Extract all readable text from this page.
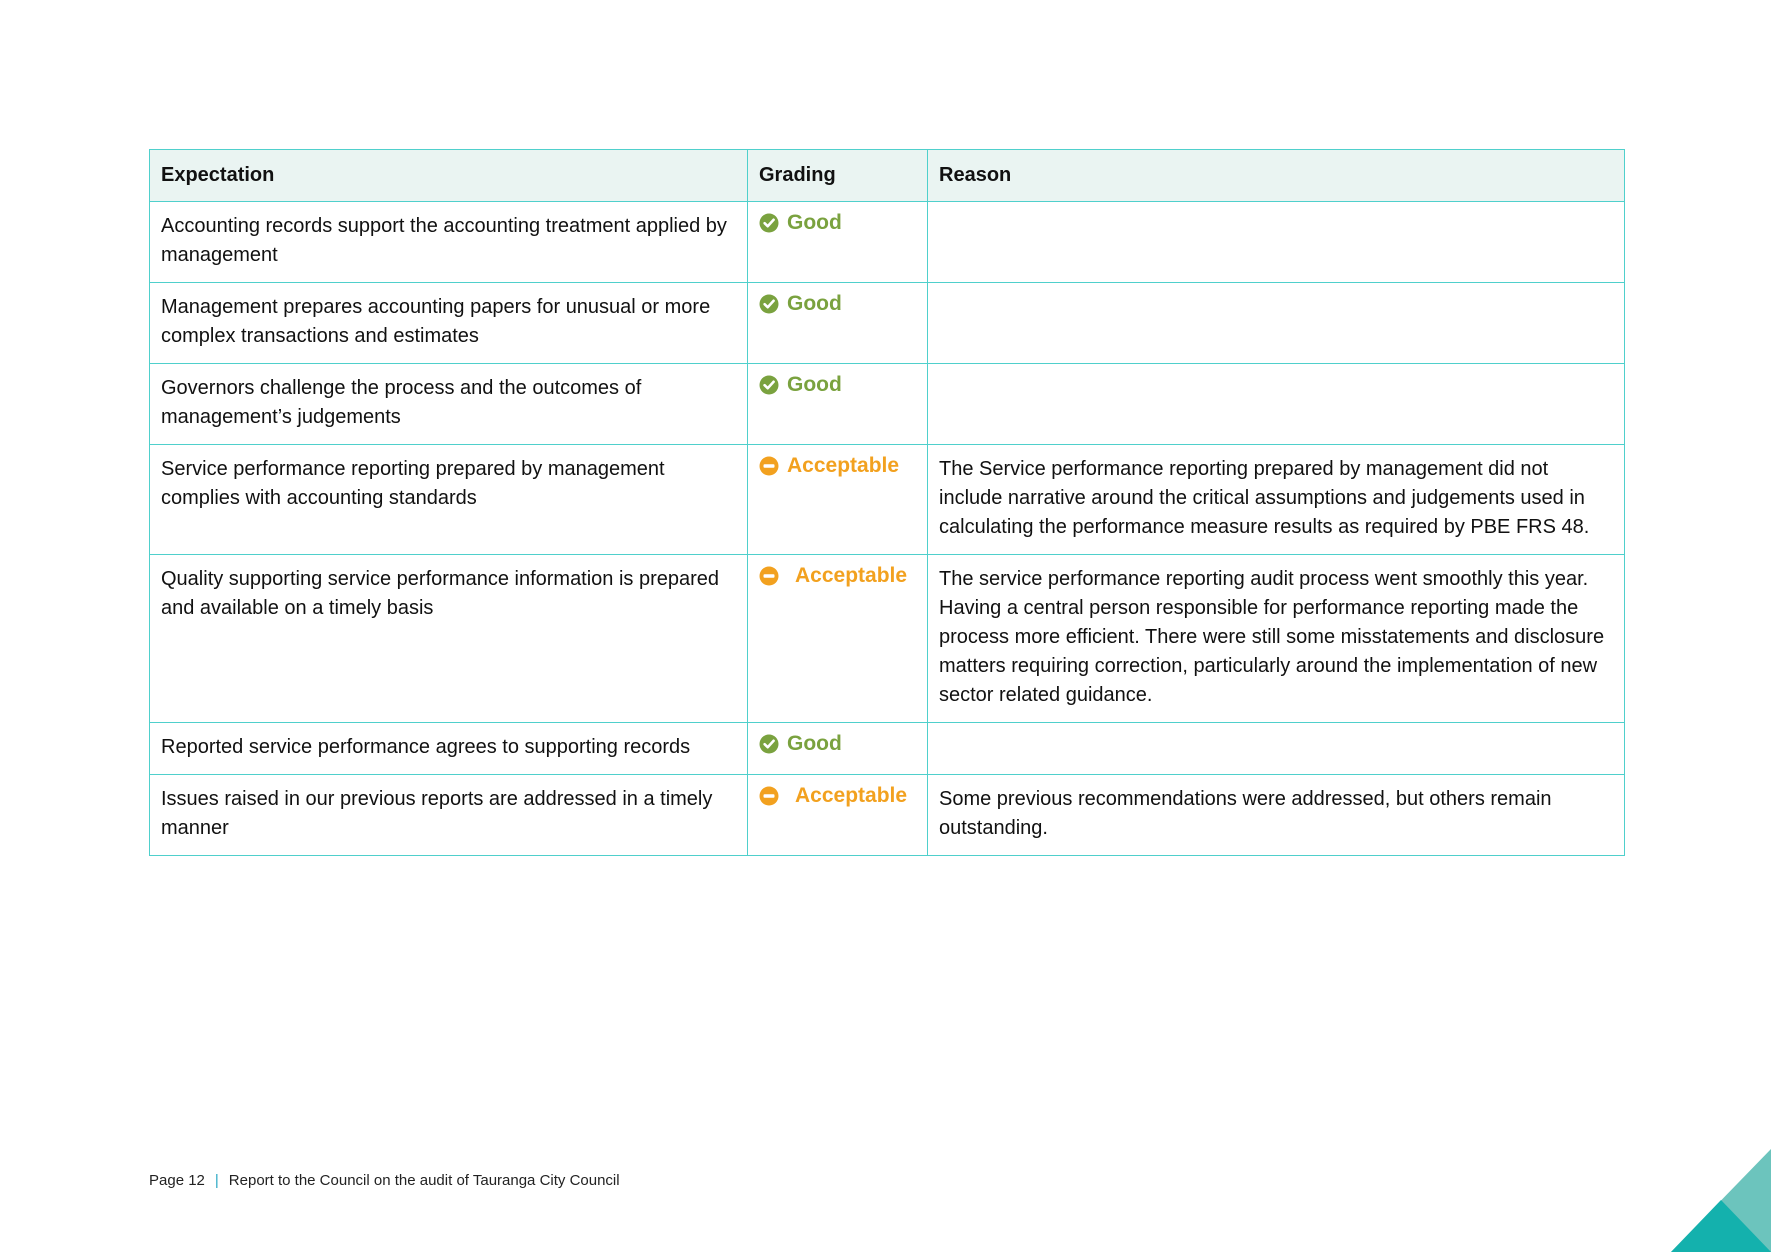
Expectation	Grading	Reason
Accounting records support the accounting treatment applied by management	Good	

Management prepares accounting papers for unusual or more complex transactions and estimates	Good	

Governors challenge the process and the outcomes of management’s judgements	Good	

Service performance reporting prepared by management complies with accounting standards	Acceptable	The Service performance reporting prepared by management did not include narrative around the critical assumptions and judgements used in calculating the performance measure results as required by PBE FRS 48.
Quality supporting service performance information is prepared and available on a timely basis	Acceptable	The service performance reporting audit process went smoothly this year. Having a central person responsible for performance reporting made the process more efficient. There were still some misstatements and disclosure matters requiring correction, particularly around the implementation of new sector related guidance.
Reported service performance agrees to supporting records	Good	

Issues raised in our previous reports are addressed in a timely manner	Acceptable	Some previous recommendations were addressed, but others remain outstanding.
Page 12 | Report to the Council on the audit of Tauranga City Council
